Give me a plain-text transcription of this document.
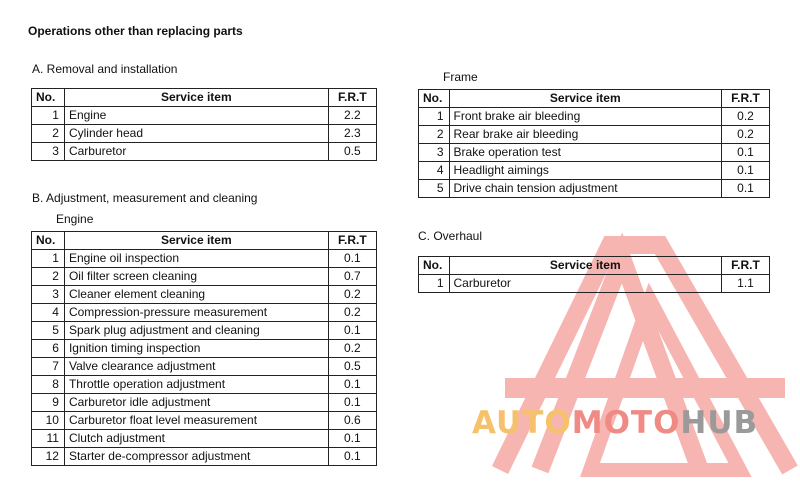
Operations other than replacing parts
A. Removal and installation
No.	Service item	F.R.T
1	Engine	2.2
2	Cylinder head	2.3
3	Carburetor	0.5
B. Adjustment, measurement and cleaning
Engine
No.	Service item	F.R.T
1	Engine oil inspection	0.1
2	Oil filter screen cleaning	0.7
3	Cleaner element cleaning	0.2
4	Compression-pressure measurement	0.2
5	Spark plug adjustment and cleaning	0.1
6	Ignition timing inspection	0.2
7	Valve clearance adjustment	0.5
8	Throttle operation adjustment	0.1
9	Carburetor idle adjustment	0.1
10	Carburetor float level measurement	0.6
11	Clutch adjustment	0.1
12	Starter de-compressor adjustment	0.1
Frame
No.	Service item	F.R.T
1	Front brake air bleeding	0.2
2	Rear brake air bleeding	0.2
3	Brake operation test	0.1
4	Headlight aimings	0.1
5	Drive chain tension adjustment	0.1
C. Overhaul
No.	Service item	F.R.T
1	Carburetor	1.1
AUTOMOTOHUB
